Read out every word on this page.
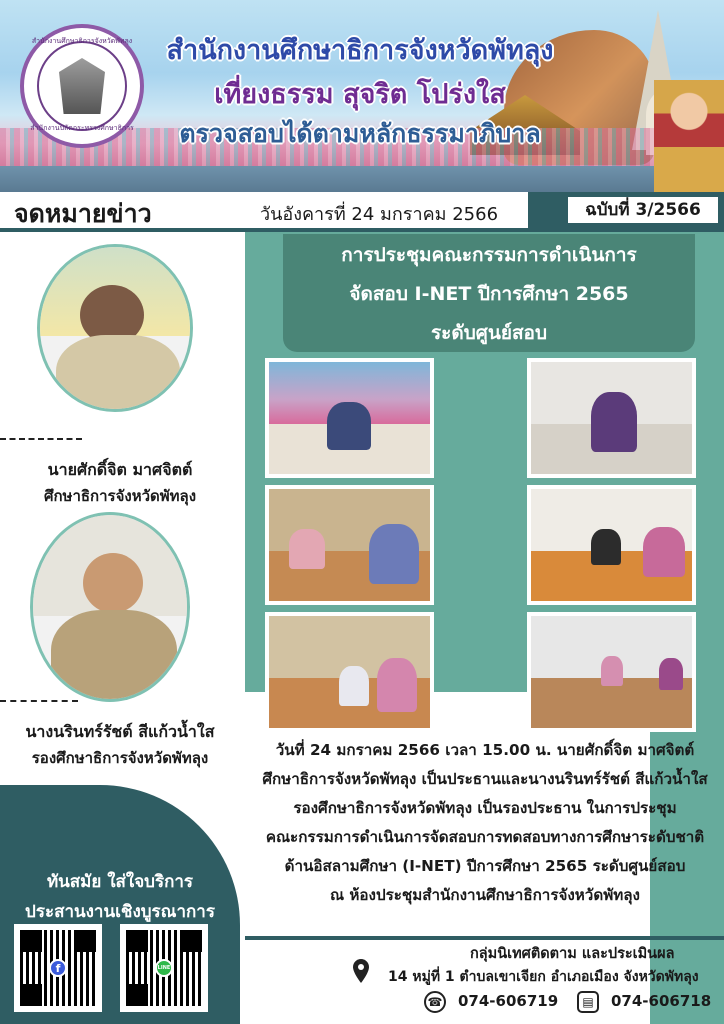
สำนักงานศึกษาธิการจังหวัดพัทลุง
สำนักงานปลัดกระทรวงศึกษาธิการ
สำนักงานศึกษาธิการจังหวัดพัทลุง
เที่ยงธรรม สุจริต โปร่งใส
ตรวจสอบได้ตามหลักธรรมาภิบาล
จดหมายข่าว	วันอังคารที่ 24 มกราคม 2566	ฉบับที่ 3/2566
การประชุมคณะกรรมการดำเนินการ
จัดสอบ I-NET ปีการศึกษา 2565
ระดับศูนย์สอบ
นายศักดิ์จิต มาศจิตต์
ศึกษาธิการจังหวัดพัทลุง
นางนรินทร์รัชต์ สีแก้วน้ำใส
รองศึกษาธิการจังหวัดพัทลุง	วันที่ 24 มกราคม 2566 เวลา 15.00 น. นายศักดิ์จิต มาศจิตต์
ศึกษาธิการจังหวัดพัทลุง เป็นประธานและนางนรินทร์รัชต์ สีแก้วน้ำใส
รองศึกษาธิการจังหวัดพัทลุง เป็นรองประธาน ในการประชุม
คณะกรรมการดำเนินการจัดสอบการทดสอบทางการศึกษาระดับชาติ
ด้านอิสลามศึกษา (I-NET) ปีการศึกษา 2565 ระดับศูนย์สอบ
ณ ห้องประชุมสำนักงานศึกษาธิการจังหวัดพัทลุง
ทันสมัย ใส่ใจบริการ
ประสานงานเชิงบูรณาการ
f	LINE
กลุ่มนิเทศติดตาม และประเมินผล
14 หมู่ที่ 1 ตำบลเขาเจียก อำเภอเมือง จังหวัดพัทลุง
☎ 074-606719	▤	074-606718
